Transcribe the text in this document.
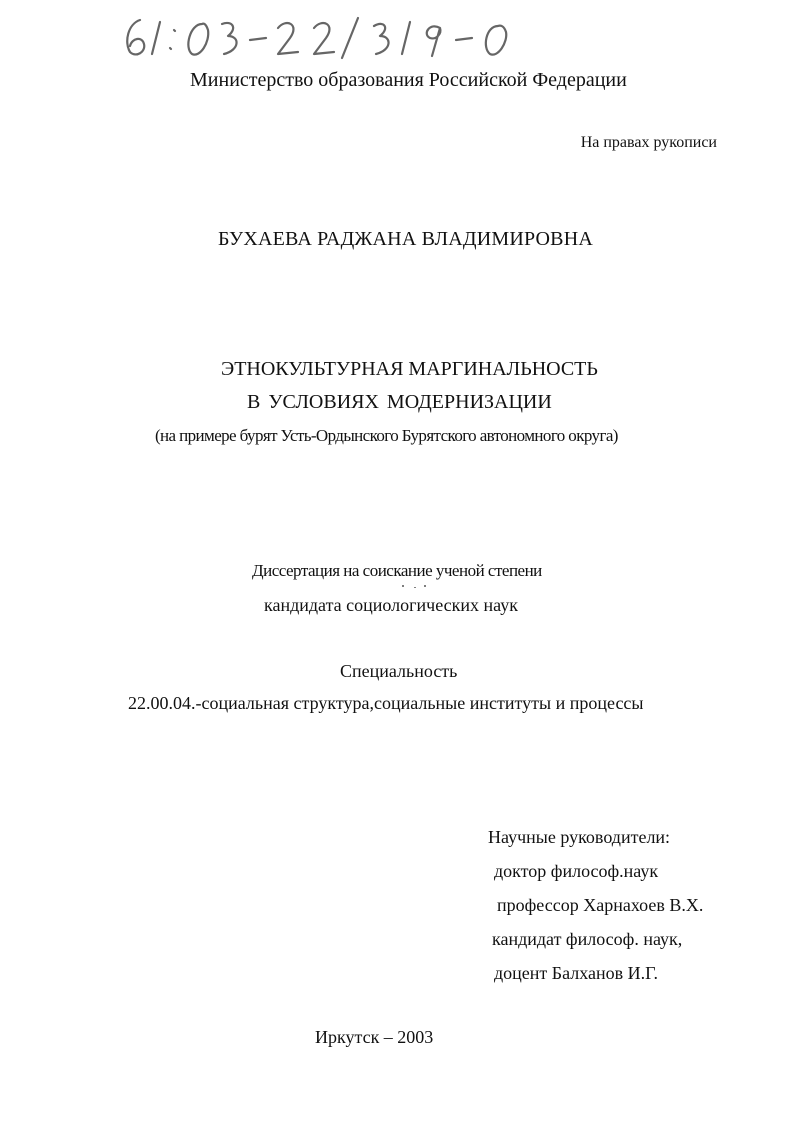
Министерство образования Российской Федерации
На правах рукописи
БУХАЕВА РАДЖАНА ВЛАДИМИРОВНА
ЭТНОКУЛЬТУРНАЯ МАРГИНАЛЬНОСТЬ
В УСЛОВИЯХ МОДЕРНИЗАЦИИ
(на примере бурят Усть-Ордынского Бурятского автономного округа)
Диссертация на соискание ученой степени
кандидата социологических наук
Специальность
22.00.04.-социальная структура,социальные институты и процессы
Научные руководители:
доктор философ.наук
профессор Харнахоев В.Х.
кандидат философ. наук,
доцент Балханов И.Г.
Иркутск – 2003
